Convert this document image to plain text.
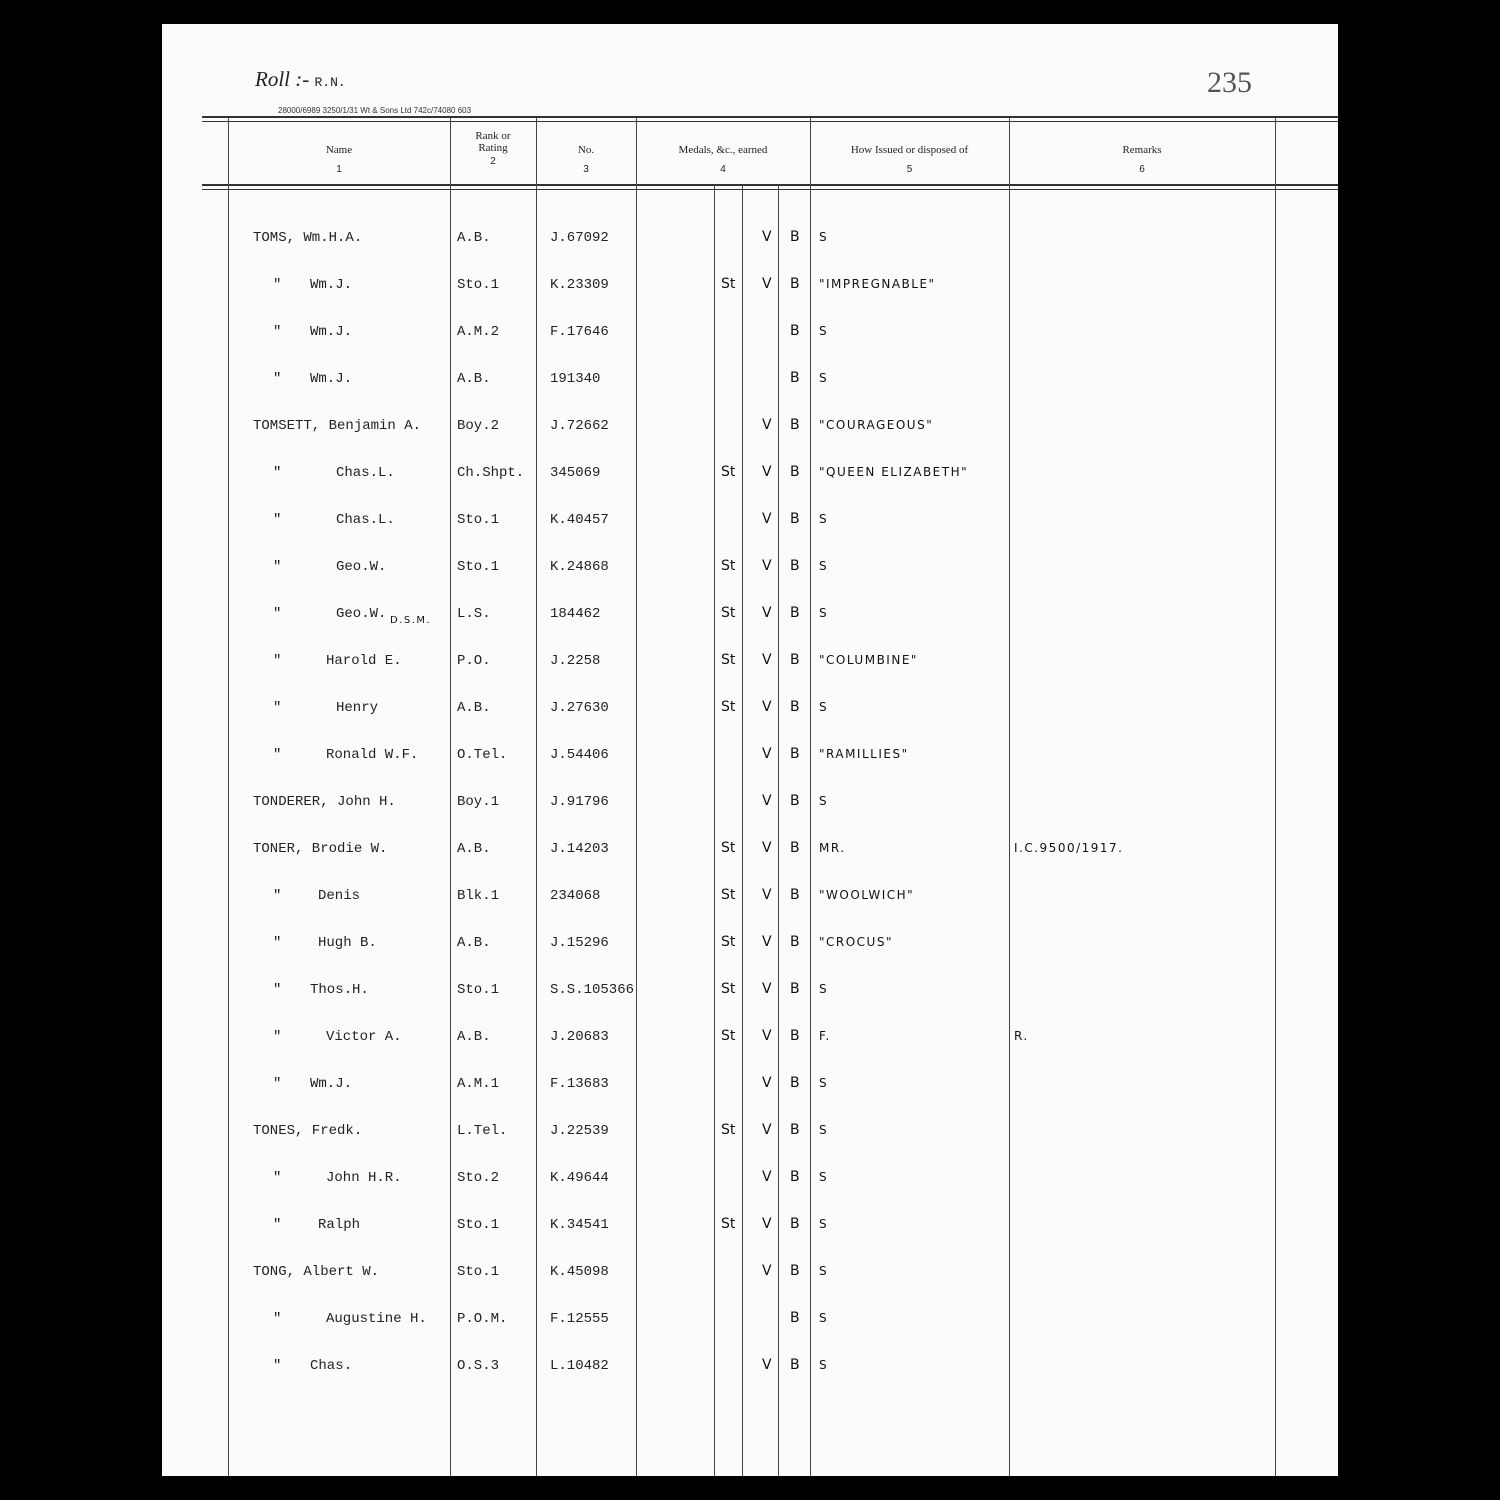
Roll :- R.N.
28000/6989 3250/1/31 Wt & Sons Ltd 742c/74080 603
235
Name
1
Rank or Rating
2
No.
3
Medals, &c., earned
4
How Issued or disposed of
5
Remarks
6
TOMS, Wm.H.A.	A.B.	J.67092	V B S
" Wm.J.	Sto.1	K.23309	St V B "IMPREGNABLE"
" Wm.J.	A.M.2	F.17646	B S
" Wm.J.	A.B.	191340	B S
TOMSETT, Benjamin A.	Boy.2	J.72662	V B "COURAGEOUS"
"	Chas.L.	Ch.Shpt. 345069	St V B "QUEEN ELIZABETH"
"	Chas.L.	Sto.1	K.40457	V B S
"	Geo.W.	Sto.1	K.24868	St V B S
"	Geo.W.	L.S.	184462	St V B S
D.S.M.
"	Harold E.	P.O.	J.2258	St V B "COLUMBINE"
"	Henry	A.B.	J.27630	St V B S
"	Ronald W.F.	O.Tel.	J.54406	V B "RAMILLIES"
TONDERER, John H.	Boy.1	J.91796	V B S
TONER, Brodie W.	A.B.	J.14203	St V B MR.	I.C.9500/1917.
"	Denis	Blk.1	234068	St V B "WOOLWICH"
"	Hugh B.	A.B.	J.15296	St V B "CROCUS"
" Thos.H.	Sto.1	S.S.105366	St V B S
"	Victor A.	A.B.	J.20683	St V B F.	R.
" Wm.J.	A.M.1	F.13683	V B S
TONES, Fredk.	L.Tel.	J.22539	St V B S
"	John H.R.	Sto.2	K.49644	V B S
"	Ralph	Sto.1	K.34541	St V B S
TONG, Albert W.	Sto.1	K.45098	V B S
"	Augustine H. P.O.M.	F.12555	B S
" Chas.	O.S.3	L.10482	V B S
